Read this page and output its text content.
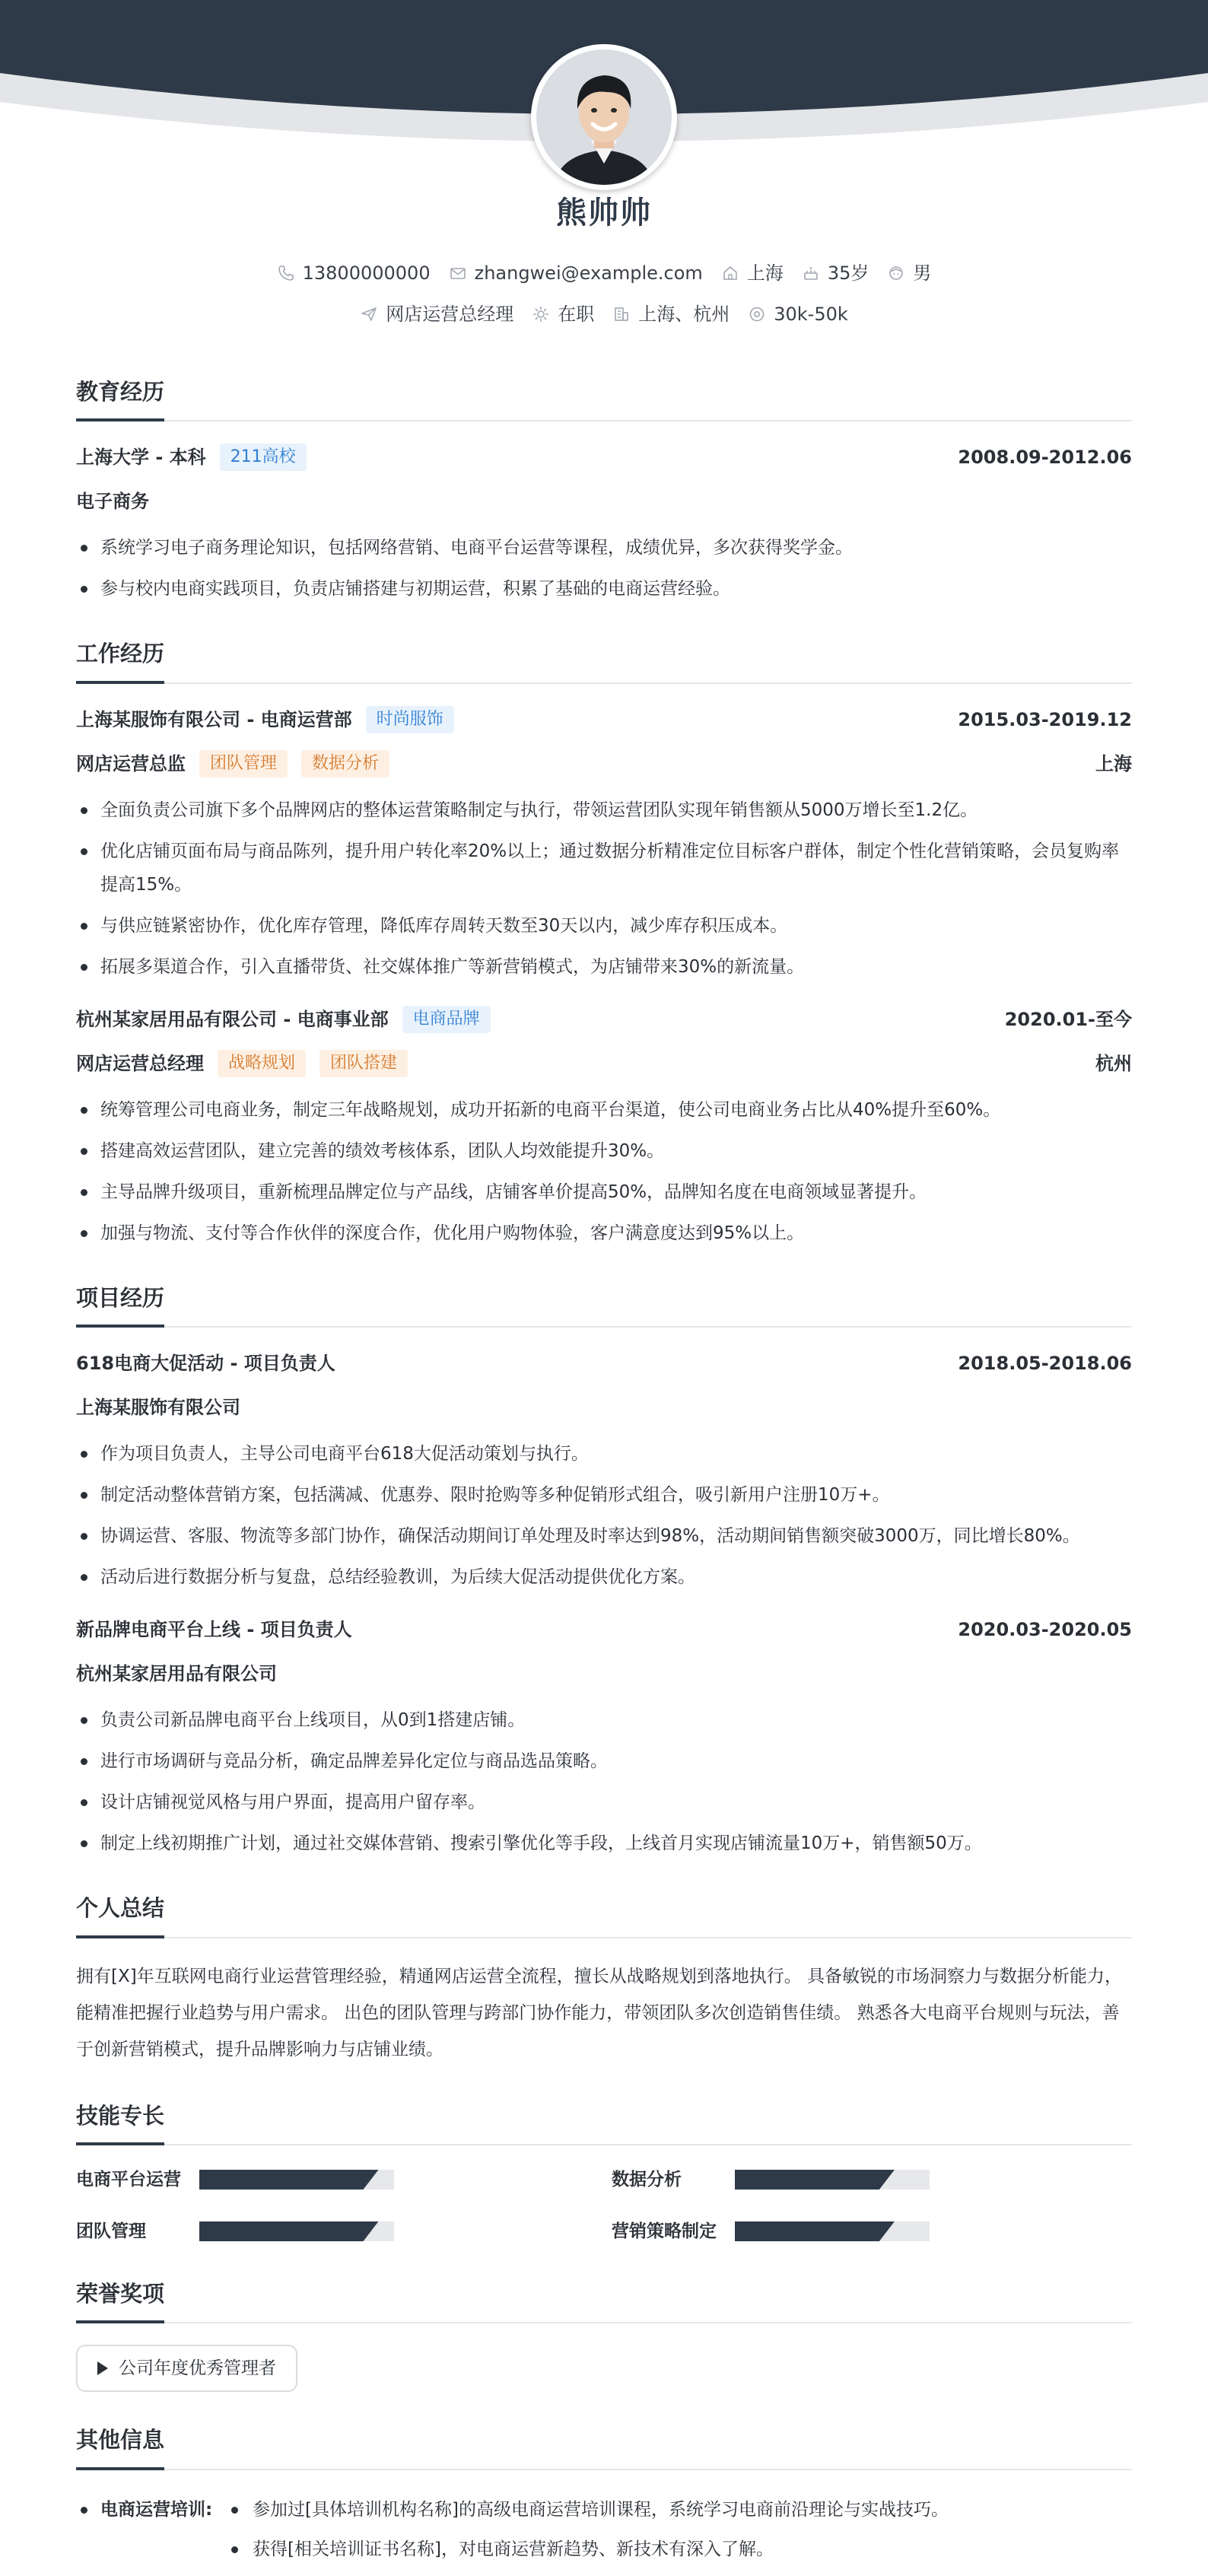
熊帅帅
13800000000 zhangwei@example.com 上海 35岁 男
网店运营总经理 在职 上海、杭州 30k-50k
教育经历
上海大学 - 本科	211高校	2008.09-2012.06
电子商务
系统学习电子商务理论知识，包括网络营销、电商平台运营等课程，成绩优异，多次获得奖学金。
参与校内电商实践项目，负责店铺搭建与初期运营，积累了基础的电商运营经验。
工作经历
上海某服饰有限公司 - 电商运营部	时尚服饰	2015.03-2019.12
网店运营总监	团队管理	数据分析	上海
全面负责公司旗下多个品牌网店的整体运营策略制定与执行，带领运营团队实现年销售额从5000万增长至1.2亿。
优化店铺页面布局与商品陈列，提升用户转化率20%以上；通过数据分析精准定位目标客户群体，制定个性化营销策略，会员复购率提高15%。
与供应链紧密协作，优化库存管理，降低库存周转天数至30天以内，减少库存积压成本。
拓展多渠道合作，引入直播带货、社交媒体推广等新营销模式，为店铺带来30%的新流量。
杭州某家居用品有限公司 - 电商事业部	电商品牌	2020.01-至今
网店运营总经理	战略规划	团队搭建	杭州
统筹管理公司电商业务，制定三年战略规划，成功开拓新的电商平台渠道，使公司电商业务占比从40%提升至60%。
搭建高效运营团队，建立完善的绩效考核体系，团队人均效能提升30%。
主导品牌升级项目，重新梳理品牌定位与产品线，店铺客单价提高50%，品牌知名度在电商领域显著提升。
加强与物流、支付等合作伙伴的深度合作，优化用户购物体验，客户满意度达到95%以上。
项目经历
618电商大促活动 - 项目负责人	2018.05-2018.06
上海某服饰有限公司
作为项目负责人，主导公司电商平台618大促活动策划与执行。
制定活动整体营销方案，包括满减、优惠券、限时抢购等多种促销形式组合，吸引新用户注册10万+。
协调运营、客服、物流等多部门协作，确保活动期间订单处理及时率达到98%，活动期间销售额突破3000万，同比增长80%。
活动后进行数据分析与复盘，总结经验教训，为后续大促活动提供优化方案。
新品牌电商平台上线 - 项目负责人	2020.03-2020.05
杭州某家居用品有限公司
负责公司新品牌电商平台上线项目，从0到1搭建店铺。
进行市场调研与竞品分析，确定品牌差异化定位与商品选品策略。
设计店铺视觉风格与用户界面，提高用户留存率。
制定上线初期推广计划，通过社交媒体营销、搜索引擎优化等手段，上线首月实现店铺流量10万+，销售额50万。
个人总结

拥有[X]年互联网电商行业运营管理经验，精通网店运营全流程，擅长从战略规划到落地执行。 具备敏锐的市场洞察力与数据分析能力，能精准把握行业趋势与用户需求。 出色的团队管理与跨部门协作能力，带领团队多次创造销售佳绩。 熟悉各大电商平台规则与玩法，善于创新营销模式，提升品牌影响力与店铺业绩。

技能专长
电商平台运营	数据分析
团队管理	营销策略制定
荣誉奖项
公司年度优秀管理者
其他信息
电商运营培训:	参加过[具体培训机构名称]的高级电商运营培训课程，系统学习电商前沿理论与实战技巧。
获得[相关培训证书名称]，对电商运营新趋势、新技术有深入了解。
